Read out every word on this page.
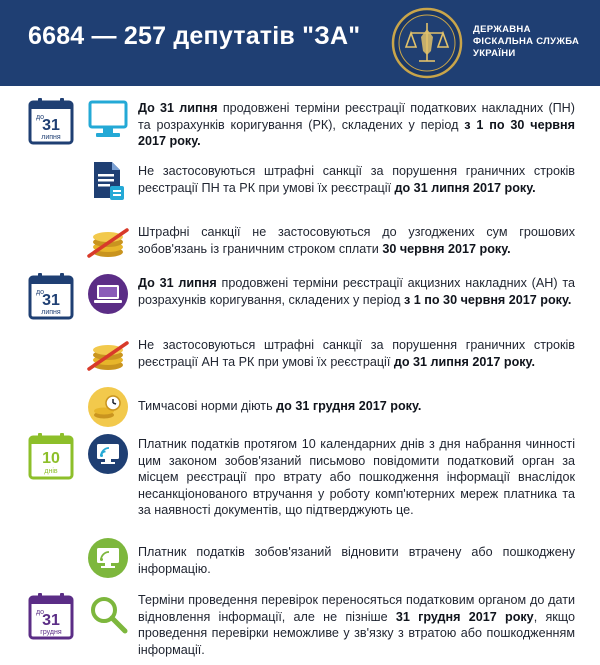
6684 — 257 депутатів "ЗА"	ДЕРЖАВНА
ФІСКАЛЬНА СЛУЖБА
УКРАЇНИ
до
31
липня
До 31 липня продовжені терміни реєстрації податкових накладних (ПН) та розрахунків коригування (РК), складених у період з 1 по 30 червня 2017 року.
Не застосовуються штрафні санкції за порушення граничних строків реєстрації ПН та РК при умові їх реєстрації до 31 липня 2017 року.
Штрафні санкції не застосовуються до узгоджених сум грошових зобов'язань із граничним строком сплати 30 червня 2017 року.
до
31
липня
До 31 липня продовжені терміни реєстрації акцизних накладних (АН) та розрахунків коригування, складених у період з 1 по 30 червня 2017 року.
Не застосовуються штрафні санкції за порушення граничних строків реєстрації АН та РК при умові їх реєстрації до 31 липня 2017 року.
Тимчасові норми діють до 31 грудня 2017 року.
10
днів
Платник податків протягом 10 календарних днів з дня набрання чинності цим законом зобов'язаний письмово повідомити податковий орган за місцем реєстрації про втрату або пошкодження інформації внаслідок несанкціонованого втручання у роботу комп'ютерних мереж платника та за наявності документів, що підтверджують це.
Платник податків зобов'язаний відновити втрачену або пошкоджену інформацію.
до
31
грудня
Терміни проведення перевірок переносяться податковим органом до дати відновлення інформації, але не пізніше 31 грудня 2017 року, якщо проведення перевірки неможливе у зв'язку з втратою або пошкодженням інформації.
